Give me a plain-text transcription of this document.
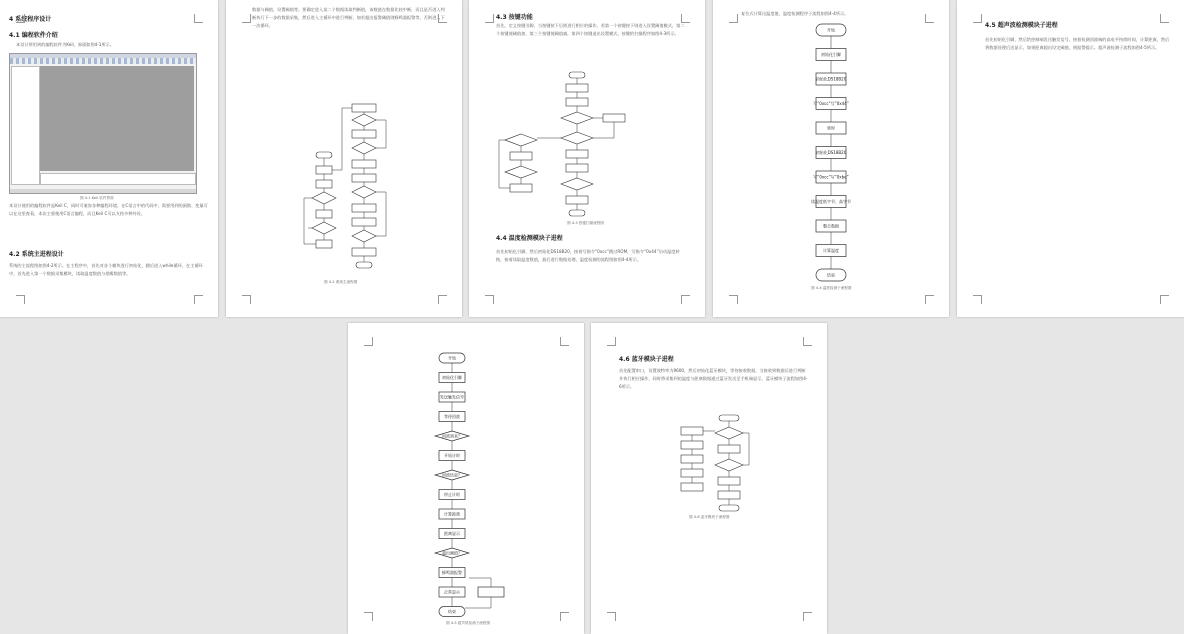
4 系统程序设计
4.1 编程软件介绍
本设计所用到的编程软件为Keil，界面如图4-1所示。
图 4-1 Keil 软件界面
本设计使用的编程软件是Keil C，同时可兼容各种编程环境。在C语言中的代码中，需要用到的函数、变量可以在这里查看，本次主要使用C语言编程，而且Keil C可以支持多种外设。
4.2 系统主进程设计
系统的主流程图如图4-2所示。在主程序中，首先对各个模块进行初始化，随后进入while循环，在主循环中，首先进入第一个数据采集模块，读取温度数值与烟雾数值等。
数据与阈值，设置阈值等。要确定进入某二个数据读取判断值，该数值在数据比较中断，而且是否进入判断执行下一步的数据采集，然后进入主循环中进行判断，如若超出报警阈值则蜂鸣器报警等，否则进入下一次循环。
图 4-2 系统主流程图
4.3 按键功能
首先，定义按键引脚，当按键按下后则进行相应的操作。若第一个按键按下则进入设置阈值模式，第二个按键使阈值加，第三个按键使阈值减，第四个按键退出设置模式，按键的扫描程序如图4-3所示。
图 4-3 按键扫描流程图
4.4 温度检测模块子进程
首先初始化引脚，然后初始化DS18B20，接着写指令“0xcc”跳过ROM，写指令“0x44”启动温度转换，接着读取温度数值，最后进行数据处理，温度检测的流程图如图4-4所示。
复位式计算出温度值，温度检测程序子流程如图4-4所示。
开始
初始化引脚
初始化DS18B20
写“0xcc”写“0x44”
延时
初始化DS18B20
写“0xcc”写“0xbe”
读温度低字节、高字节
整合数据
计算温度
结束
图 4-4 温度检测子流程图
4.5 超声波检测模块子进程
首先初始化引脚，然后给控制端发送触发信号，接着检测回波端的高电平持续时间，计算距离，然后将数据处理后送显示，如果距离超出设定阈值，则报警提示。超声波检测子流程如图4-5所示。
开始
初始化引脚
发送触发信号
等待回波
回波到来？
开始计时
回波结束？
停止计时
计算距离
距离显示
超出阈值？
蜂鸣器报警
正常显示
结束
图 4-5 超声波检测子流程图
4.6 蓝牙模块子进程
首先配置串口，设置波特率为9600，然后初始化蓝牙模块，等待接收数据，当接收到数据后进行判断并执行相应操作，同时将采集到的温度与距离数据通过蓝牙发送至手机端显示，蓝牙模块子流程如图4-6所示。
图 4-6 蓝牙模块子流程图
